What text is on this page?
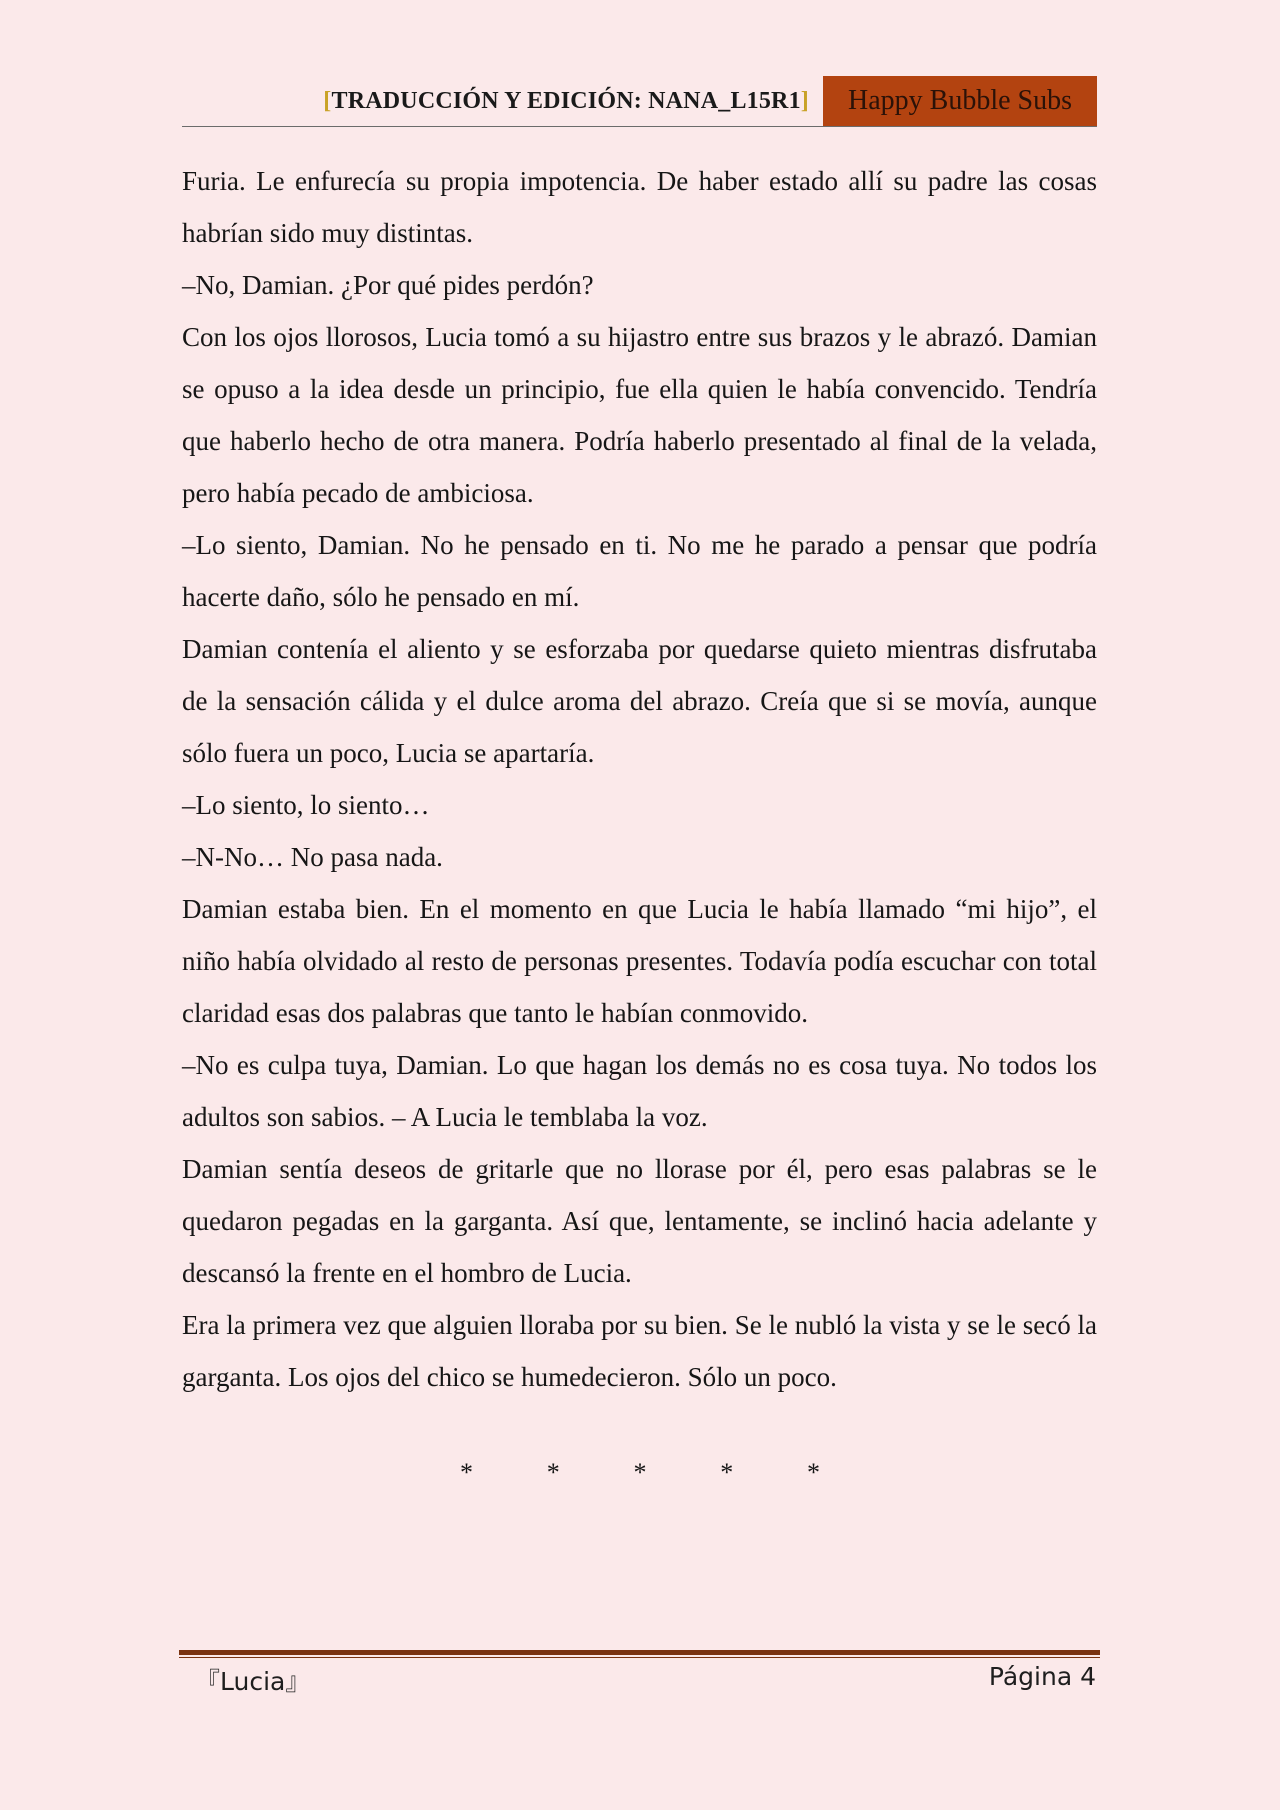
[TRADUCCIÓN Y EDICIÓN: NANA_L15R1]	Happy Bubble Subs

Furia. Le enfurecía su propia impotencia. De haber estado allí su padre las cosas habrían sido muy distintas.

–No, Damian. ¿Por qué pides perdón?

Con los ojos llorosos, Lucia tomó a su hijastro entre sus brazos y le abrazó. Damian se opuso a la idea desde un principio, fue ella quien le había convencido. Tendría que haberlo hecho de otra manera. Podría haberlo presentado al final de la velada, pero había pecado de ambiciosa.

–Lo siento, Damian. No he pensado en ti. No me he parado a pensar que podría hacerte daño, sólo he pensado en mí.

Damian contenía el aliento y se esforzaba por quedarse quieto mientras disfrutaba de la sensación cálida y el dulce aroma del abrazo. Creía que si se movía, aunque sólo fuera un poco, Lucia se apartaría.

–Lo siento, lo siento…

–N-No… No pasa nada.

Damian estaba bien. En el momento en que Lucia le había llamado “mi hijo”, el niño había olvidado al resto de personas presentes. Todavía podía escuchar con total claridad esas dos palabras que tanto le habían conmovido.

–No es culpa tuya, Damian. Lo que hagan los demás no es cosa tuya. No todos los adultos son sabios. – A Lucia le temblaba la voz.

Damian sentía deseos de gritarle que no llorase por él, pero esas palabras se le quedaron pegadas en la garganta. Así que, lentamente, se inclinó hacia adelante y descansó la frente en el hombro de Lucia.

Era la primera vez que alguien lloraba por su bien. Se le nubló la vista y se le secó la garganta. Los ojos del chico se humedecieron. Sólo un poco.

*	*	*	*	*
『Lucia』	Página 4
